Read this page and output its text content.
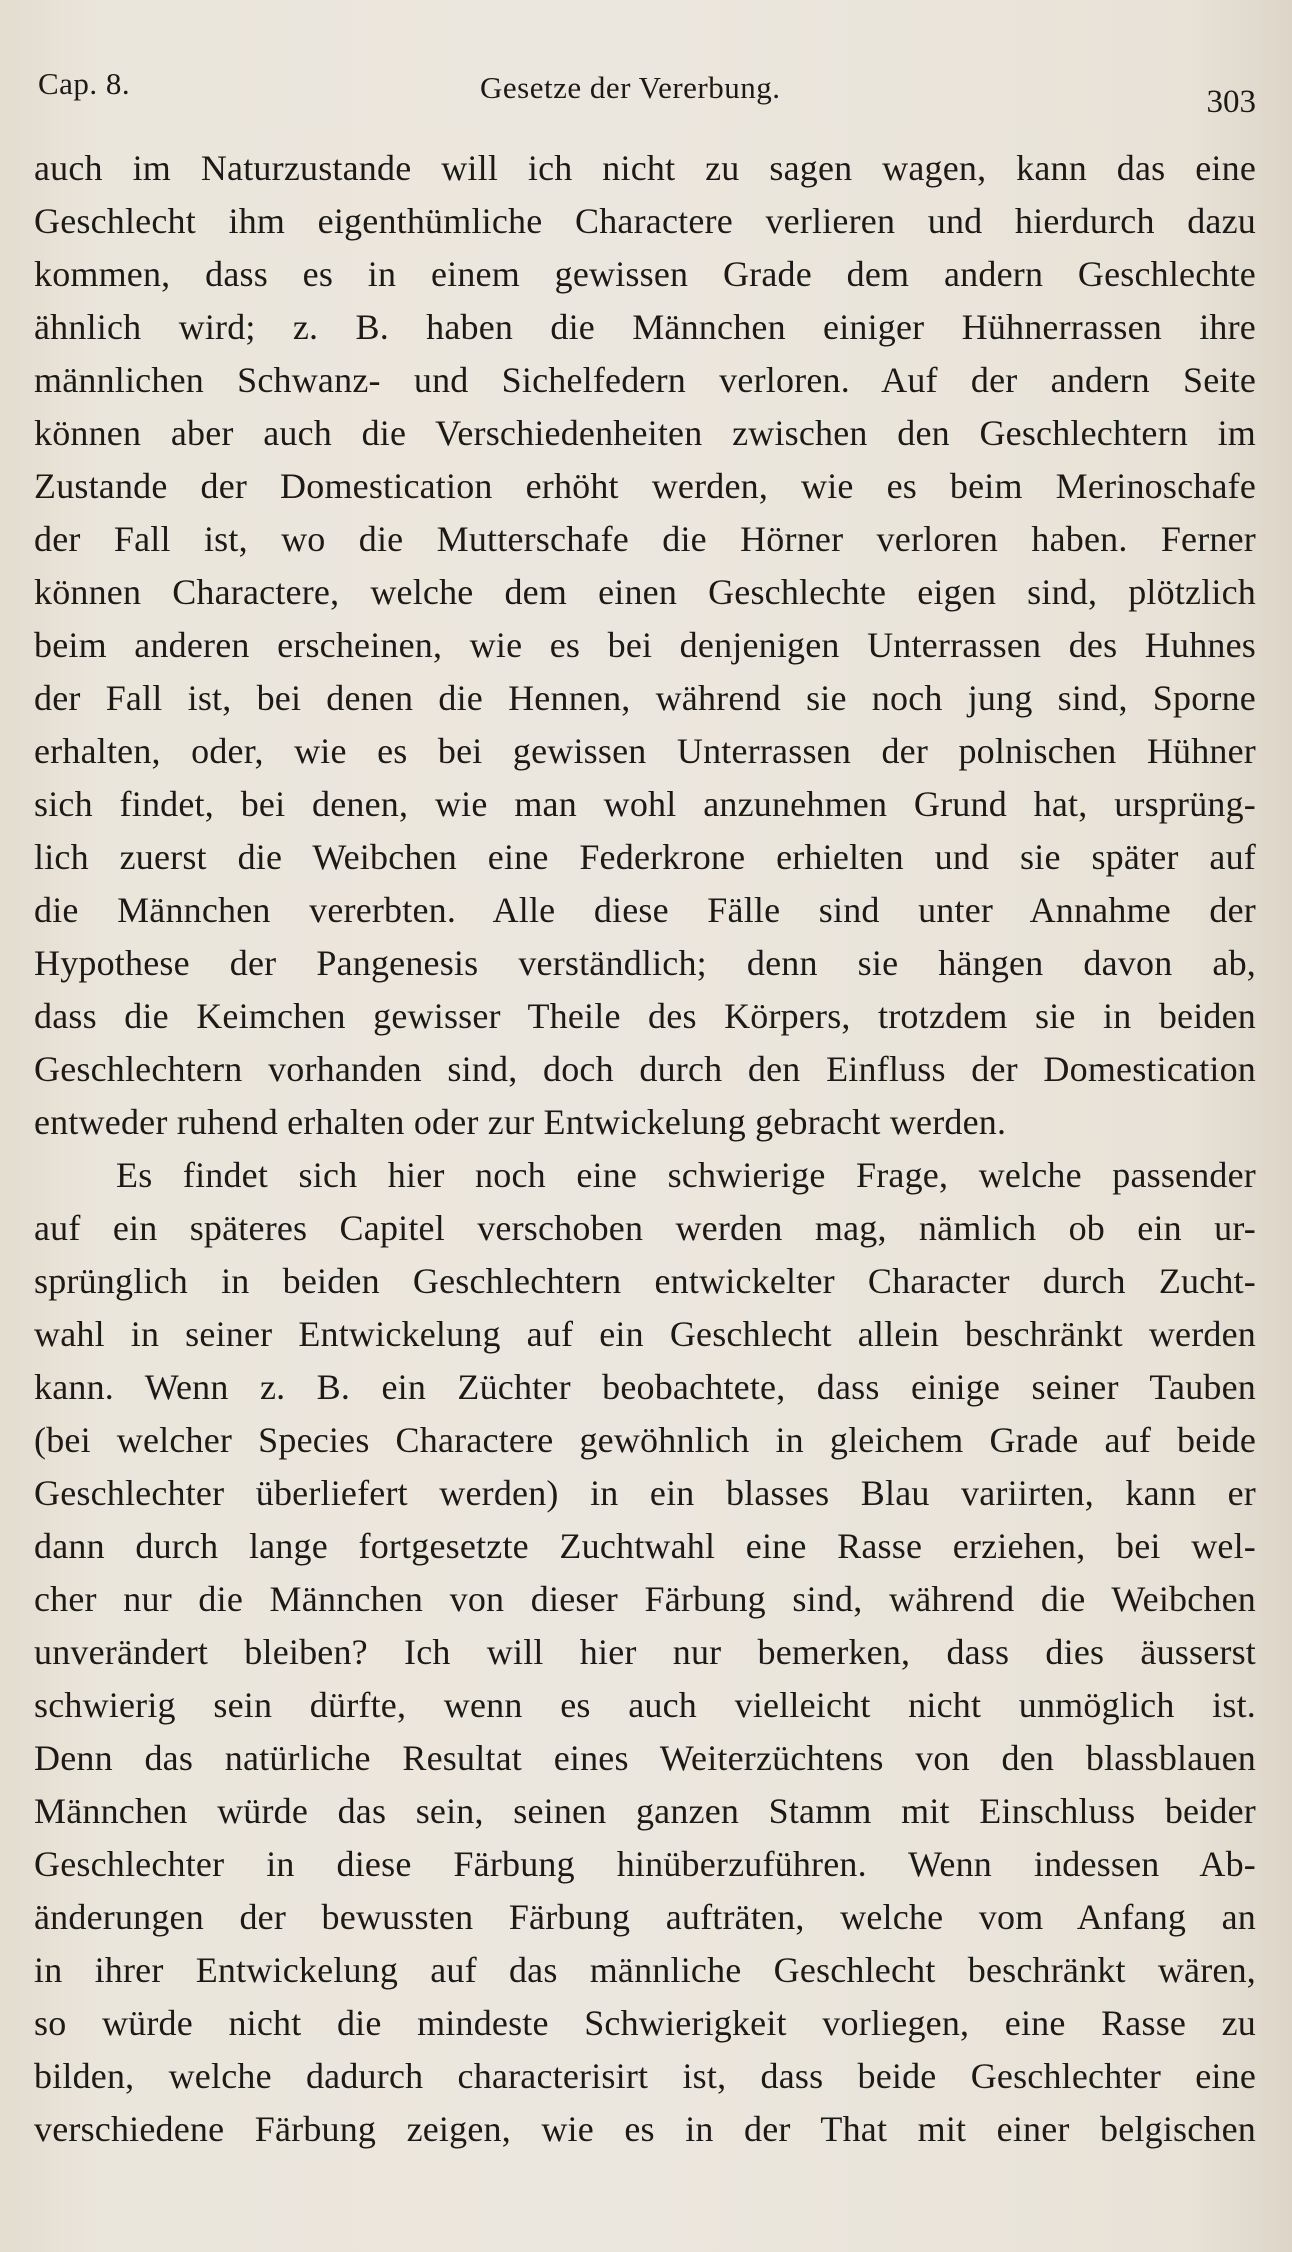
Cap. 8.	Gesetze der Vererbung.	303
auch im Naturzustande will ich nicht zu sagen wagen, kann das eine
Geschlecht ihm eigenthümliche Charactere verlieren und hierdurch dazu
kommen, dass es in einem gewissen Grade dem andern Geschlechte
ähnlich wird; z. B. haben die Männchen einiger Hühnerrassen ihre
männlichen Schwanz- und Sichelfedern verloren. Auf der andern Seite
können aber auch die Verschiedenheiten zwischen den Geschlechtern im
Zustande der Domestication erhöht werden, wie es beim Merinoschafe
der Fall ist, wo die Mutterschafe die Hörner verloren haben. Ferner
können Charactere, welche dem einen Geschlechte eigen sind, plötzlich
beim anderen erscheinen, wie es bei denjenigen Unterrassen des Huhnes
der Fall ist, bei denen die Hennen, während sie noch jung sind, Sporne
erhalten, oder, wie es bei gewissen Unterrassen der polnischen Hühner
sich findet, bei denen, wie man wohl anzunehmen Grund hat, ursprüng-
lich zuerst die Weibchen eine Federkrone erhielten und sie später auf
die Männchen vererbten. Alle diese Fälle sind unter Annahme der
Hypothese der Pangenesis verständlich; denn sie hängen davon ab,
dass die Keimchen gewisser Theile des Körpers, trotzdem sie in beiden
Geschlechtern vorhanden sind, doch durch den Einfluss der Domestication
entweder ruhend erhalten oder zur Entwickelung gebracht werden.
Es findet sich hier noch eine schwierige Frage, welche passender
auf ein späteres Capitel verschoben werden mag, nämlich ob ein ur-
sprünglich in beiden Geschlechtern entwickelter Character durch Zucht-
wahl in seiner Entwickelung auf ein Geschlecht allein beschränkt werden
kann. Wenn z. B. ein Züchter beobachtete, dass einige seiner Tauben
(bei welcher Species Charactere gewöhnlich in gleichem Grade auf beide
Geschlechter überliefert werden) in ein blasses Blau variirten, kann er
dann durch lange fortgesetzte Zuchtwahl eine Rasse erziehen, bei wel-
cher nur die Männchen von dieser Färbung sind, während die Weibchen
unverändert bleiben? Ich will hier nur bemerken, dass dies äusserst
schwierig sein dürfte, wenn es auch vielleicht nicht unmöglich ist.
Denn das natürliche Resultat eines Weiterzüchtens von den blassblauen
Männchen würde das sein, seinen ganzen Stamm mit Einschluss beider
Geschlechter in diese Färbung hinüberzuführen. Wenn indessen Ab-
änderungen der bewussten Färbung aufträten, welche vom Anfang an
in ihrer Entwickelung auf das männliche Geschlecht beschränkt wären,
so würde nicht die mindeste Schwierigkeit vorliegen, eine Rasse zu
bilden, welche dadurch characterisirt ist, dass beide Geschlechter eine
verschiedene Färbung zeigen, wie es in der That mit einer belgischen
